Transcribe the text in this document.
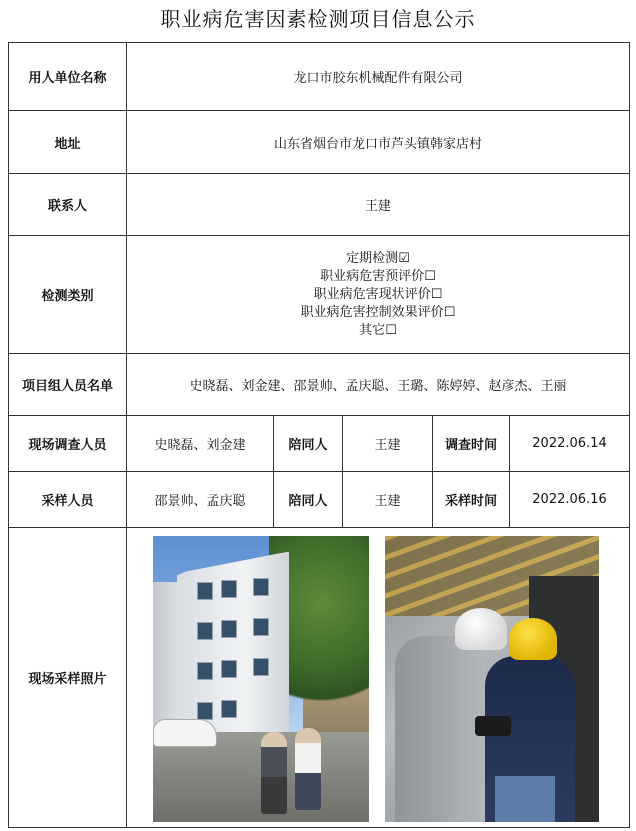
职业病危害因素检测项目信息公示
用人单位名称	龙口市胶东机械配件有限公司				
地址	山东省烟台市龙口市芦头镇韩家店村				
联系人	王建				
检测类别	定期检测☑
职业病危害预评价☐
职业病危害现状评价☐
职业病危害控制效果评价☐
其它☐				

项目组人员名单	史晓磊、刘金建、邵景帅、孟庆聪、王璐、陈婷婷、赵彦杰、王丽				
现场调查人员	史晓磊、刘金建	陪同人	王建	调查时间	2022.06.14
采样人员	邵景帅、孟庆聪	陪同人	王建	采样时间	2022.06.16
现场采样照片					
